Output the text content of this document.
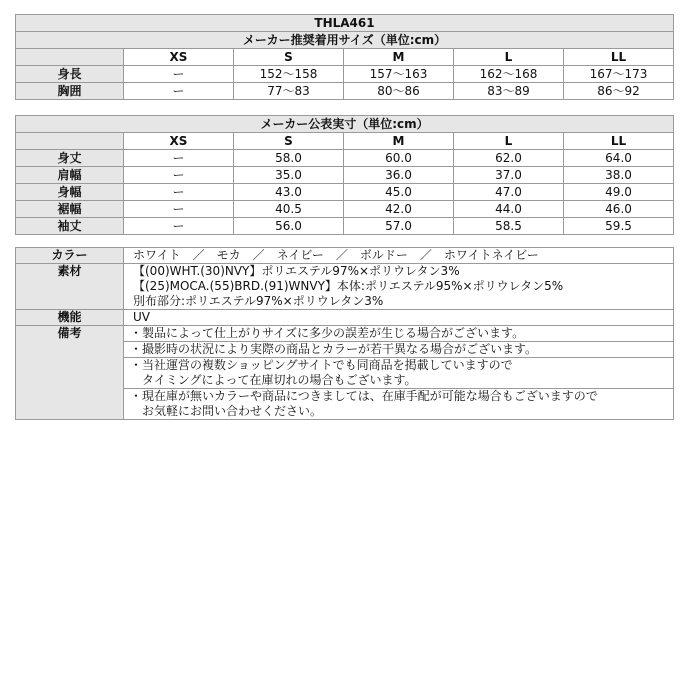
THLA461					
メーカー推奨着用サイズ（単位:cm）					
	XS	S	M	L	LL
身長	ー	152〜158	157〜163	162〜168	167〜173
胸囲	ー	77〜83	80〜86	83〜89	86〜92
メーカー公表実寸（単位:cm）					
	XS	S	M	L	LL
身丈	ー	58.0	60.0	62.0	64.0
肩幅	ー	35.0	36.0	37.0	38.0
身幅	ー	43.0	45.0	47.0	49.0
裾幅	ー	40.5	42.0	44.0	46.0
袖丈	ー	56.0	57.0	58.5	59.5
カラー	ホワイト　／　モカ　／　ネイビー　／　ボルドー　／　ホワイトネイビー
素材	【(00)WHT.(30)NVY】ポリエステル97%×ポリウレタン3%
【(25)MOCA.(55)BRD.(91)WNVY】本体:ポリエステル95%×ポリウレタン5%
別布部分:ポリエステル97%×ポリウレタン3%

機能	UV
備考	・製品によって仕上がりサイズに多少の誤差が生じる場合がございます。

	・撮影時の状況により実際の商品とカラーが若干異なる場合がございます。

	・当社運営の複数ショッピングサイトでも同商品を掲載していますので
タイミングによって在庫切れの場合もございます。

	・現在庫が無いカラーや商品につきましては、在庫手配が可能な場合もございますので
お気軽にお問い合わせください。
